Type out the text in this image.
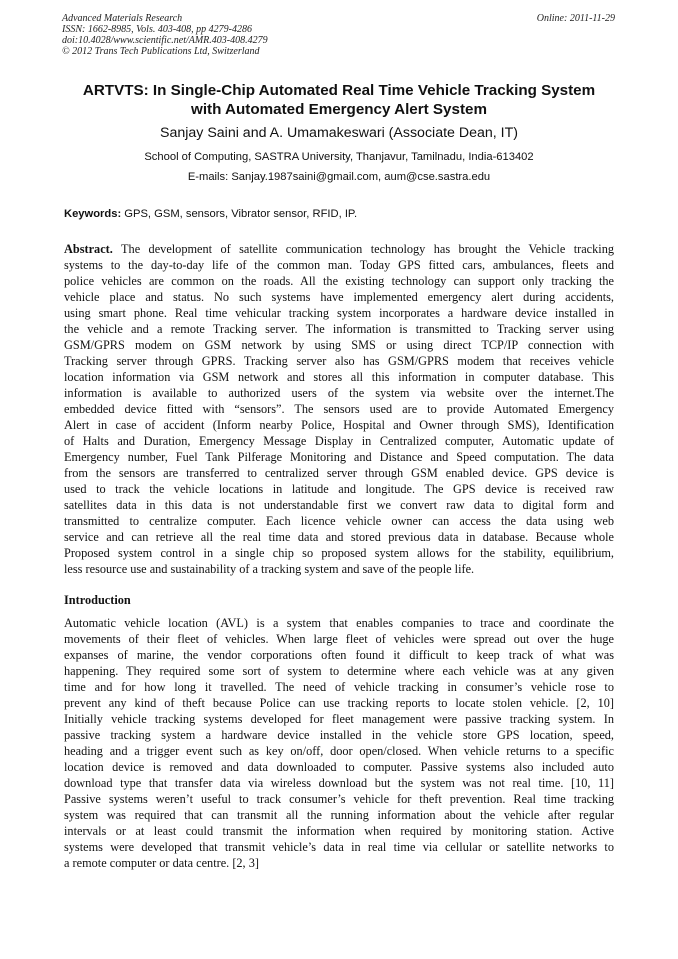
Advanced Materials Research	Online: 2011-11-29
ISSN: 1662-8985, Vols. 403-408, pp 4279-4286
doi:10.4028/www.scientific.net/AMR.403-408.4279
© 2012 Trans Tech Publications Ltd, Switzerland
ARTVTS: In Single-Chip Automated Real Time Vehicle Tracking System
with Automated Emergency Alert System
Sanjay Saini and A. Umamakeswari (Associate Dean, IT)
School of Computing, SASTRA University, Thanjavur, Tamilnadu, India-613402
E-mails: Sanjay.1987saini@gmail.com, aum@cse.sastra.edu
Keywords: GPS, GSM, sensors, Vibrator sensor, RFID, IP.
Abstract. The development of satellite communication technology has brought the Vehicle tracking
systems to the day-to-day life of the common man. Today GPS fitted cars, ambulances, fleets and
police vehicles are common on the roads. All the existing technology can support only tracking the
vehicle place and status. No such systems have implemented emergency alert during accidents,
using smart phone. Real time vehicular tracking system incorporates a hardware device installed in
the vehicle and a remote Tracking server. The information is transmitted to Tracking server using
GSM/GPRS modem on GSM network by using SMS or using direct TCP/IP connection with
Tracking server through GPRS. Tracking server also has GSM/GPRS modem that receives vehicle
location information via GSM network and stores all this information in computer database. This
information is available to authorized users of the system via website over the internet.The
embedded device fitted with “sensors”. The sensors used are to provide Automated Emergency
Alert in case of accident (Inform nearby Police, Hospital and Owner through SMS), Identification
of Halts and Duration, Emergency Message Display in Centralized computer, Automatic update of
Emergency number, Fuel Tank Pilferage Monitoring and Distance and Speed computation. The data
from the sensors are transferred to centralized server through GSM enabled device. GPS device is
used to track the vehicle locations in latitude and longitude. The GPS device is received raw
satellites data in this data is not understandable first we convert raw data to digital form and
transmitted to centralize computer. Each licence vehicle owner can access the data using web
service and can retrieve all the real time data and stored previous data in database. Because whole
Proposed system control in a single chip so proposed system allows for the stability, equilibrium,
less resource use and sustainability of a tracking system and save of the people life.
Introduction
Automatic vehicle location (AVL) is a system that enables companies to trace and coordinate the
movements of their fleet of vehicles. When large fleet of vehicles were spread out over the huge
expanses of marine, the vendor corporations often found it difficult to keep track of what was
happening. They required some sort of system to determine where each vehicle was at any given
time and for how long it travelled. The need of vehicle tracking in consumer’s vehicle rose to
prevent any kind of theft because Police can use tracking reports to locate stolen vehicle. [2, 10]
Initially vehicle tracking systems developed for fleet management were passive tracking system. In
passive tracking system a hardware device installed in the vehicle store GPS location, speed,
heading and a trigger event such as key on/off, door open/closed. When vehicle returns to a specific
location device is removed and data downloaded to computer. Passive systems also included auto
download type that transfer data via wireless download but the system was not real time. [10, 11]
Passive systems weren’t useful to track consumer’s vehicle for theft prevention. Real time tracking
system was required that can transmit all the running information about the vehicle after regular
intervals or at least could transmit the information when required by monitoring station. Active
systems were developed that transmit vehicle’s data in real time via cellular or satellite networks to
a remote computer or data centre. [2, 3]
